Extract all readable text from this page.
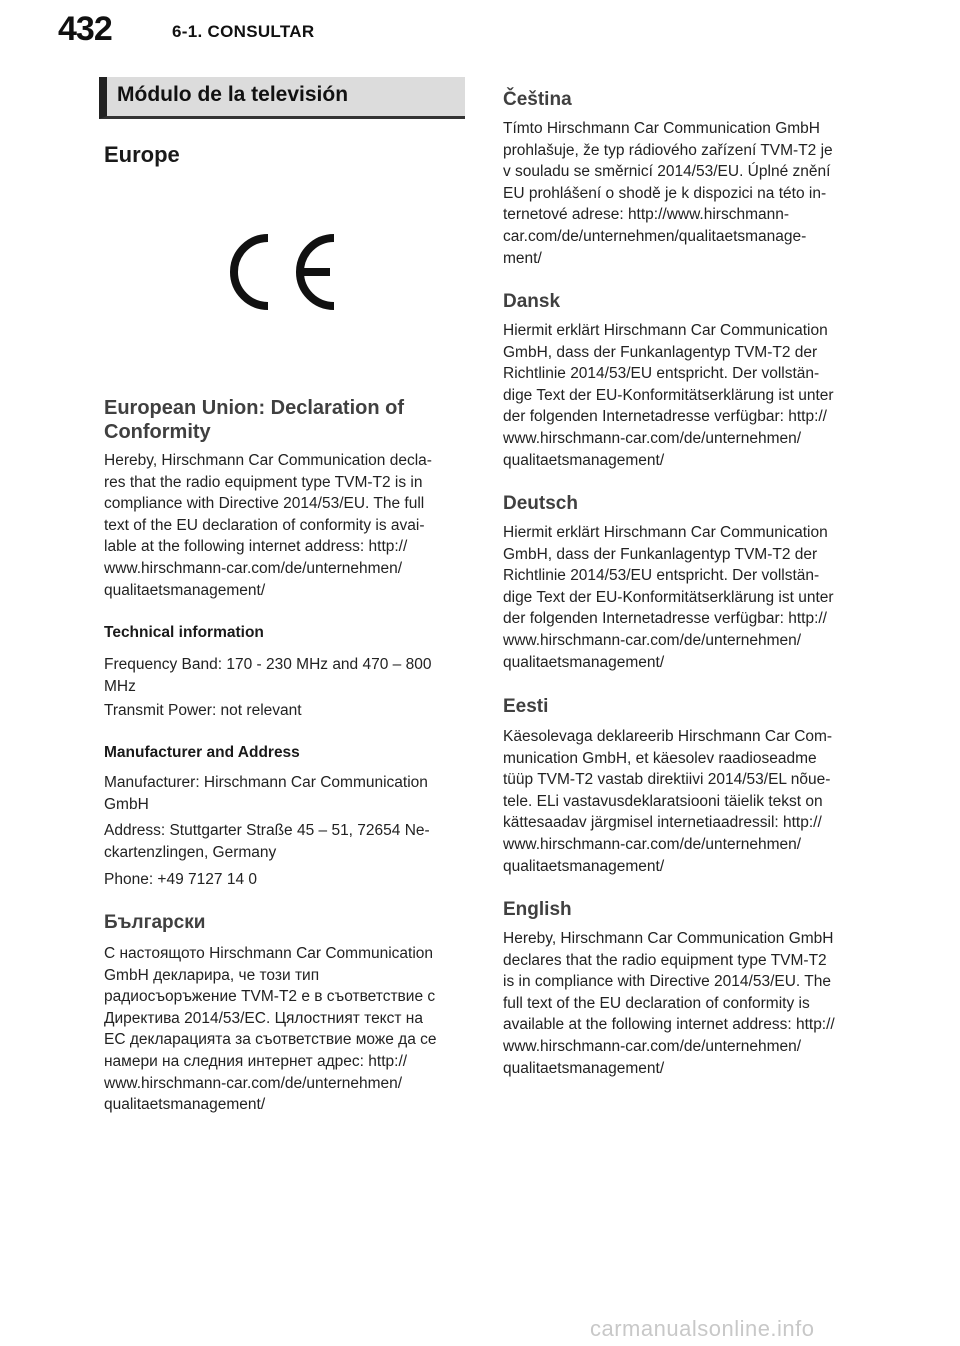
432	6-1. CONSULTAR
Módulo de la televisión
Europe

European Union: Declaration of
Conformity

Hereby, Hirschmann Car Communication decla-
res that the radio equipment type TVM-T2 is in
compliance with Directive 2014/53/EU. The full
text of the EU declaration of conformity is avai-
lable at the following internet address: http://
www.hirschmann-car.com/de/unternehmen/
qualitaetsmanagement/

Technical information

Frequency Band: 170 - 230 MHz and 470 – 800
MHz

Transmit Power: not relevant

Manufacturer and Address

Manufacturer: Hirschmann Car Communication
GmbH

Address: Stuttgarter Straße 45 – 51, 72654 Ne-
ckartenzlingen, Germany

Phone: +49 7127 14 0

Български

С настоящото Hirschmann Car Communication
GmbH декларира, че този тип
радиосъоръжение TVM-T2 е в съответствие с
Директива 2014/53/ЕС. Цялостният текст на
ЕС декларацията за съответствие може да се
намери на следния интернет адрес: http://
www.hirschmann-car.com/de/unternehmen/
qualitaetsmanagement/

Čeština

Tímto Hirschmann Car Communication GmbH
prohlašuje, že typ rádiového zařízení TVM-T2 je
v souladu se směrnicí 2014/53/EU. Úplné znění
EU prohlášení o shodě je k dispozici na této in-
ternetové adrese: http://www.hirschmann-
car.com/de/unternehmen/qualitaetsmanage-
ment/

Dansk

Hiermit erklärt Hirschmann Car Communication
GmbH, dass der Funkanlagentyp TVM-T2 der
Richtlinie 2014/53/EU entspricht. Der vollstän-
dige Text der EU-Konformitätserklärung ist unter
der folgenden Internetadresse verfügbar: http://
www.hirschmann-car.com/de/unternehmen/
qualitaetsmanagement/

Deutsch

Hiermit erklärt Hirschmann Car Communication
GmbH, dass der Funkanlagentyp TVM-T2 der
Richtlinie 2014/53/EU entspricht. Der vollstän-
dige Text der EU-Konformitätserklärung ist unter
der folgenden Internetadresse verfügbar: http://
www.hirschmann-car.com/de/unternehmen/
qualitaetsmanagement/

Eesti

Käesolevaga deklareerib Hirschmann Car Com-
munication GmbH, et käesolev raadioseadme
tüüp TVM-T2 vastab direktiivi 2014/53/EL nõue-
tele. ELi vastavusdeklaratsiooni täielik tekst on
kättesaadav järgmisel internetiaadressil: http://
www.hirschmann-car.com/de/unternehmen/
qualitaetsmanagement/

English

Hereby, Hirschmann Car Communication GmbH
declares that the radio equipment type TVM-T2
is in compliance with Directive 2014/53/EU. The
full text of the EU declaration of conformity is
available at the following internet address: http://
www.hirschmann-car.com/de/unternehmen/
qualitaetsmanagement/

carmanualsonline.info
